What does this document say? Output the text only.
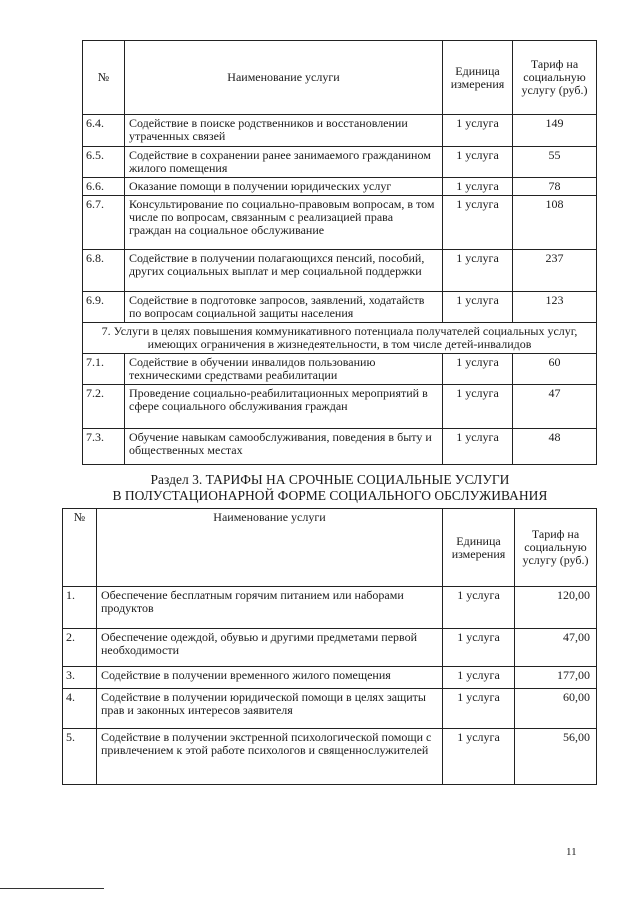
№	Наименование услуги	Единица измерения	Тариф на социальную услугу (руб.)
6.4.	Содействие в поиске родственников и восстановлении утраченных связей	1 услуга	149
6.5.	Содействие в сохранении ранее занимаемого гражданином жилого помещения	1 услуга	55
6.6.	Оказание помощи в получении юридических услуг	1 услуга	78
6.7.	Консультирование по социально-правовым вопросам, в том числе по вопросам, связанным с реализацией права граждан на социальное обслуживание	1 услуга	108
6.8.	Содействие в получении полагающихся пенсий, пособий, других социальных выплат и мер социальной поддержки	1 услуга	237
6.9.	Содействие в подготовке запросов, заявлений, ходатайств по вопросам социальной защиты населения	1 услуга	123
7. Услуги в целях повышения коммуникативного потенциала получателей социальных услуг, имеющих ограничения в жизнедеятельности, в том числе детей-инвалидов			
7.1.	Содействие в обучении инвалидов пользованию техническими средствами реабилитации	1 услуга	60
7.2.	Проведение социально-реабилитационных мероприятий в сфере социального обслуживания граждан	1 услуга	47
7.3.	Обучение навыкам самообслуживания, поведения в быту и общественных местах	1 услуга	48
Раздел 3. ТАРИФЫ НА СРОЧНЫЕ СОЦИАЛЬНЫЕ УСЛУГИ
В ПОЛУСТАЦИОНАРНОЙ ФОРМЕ СОЦИАЛЬНОГО ОБСЛУЖИВАНИЯ
№	Наименование услуги	Единица измерения	Тариф на социальную услугу (руб.)
1.	Обеспечение бесплатным горячим питанием или наборами продуктов	1 услуга	120,00
2.	Обеспечение одеждой, обувью и другими предметами первой необходимости	1 услуга	47,00
3.	Содействие в получении временного жилого помещения	1 услуга	177,00
4.	Содействие в получении юридической помощи в целях защиты прав и законных интересов заявителя	1 услуга	60,00
5.	Содействие в получении экстренной психологической помощи с привлечением к этой работе психологов и священнослужителей	1 услуга	56,00
11
